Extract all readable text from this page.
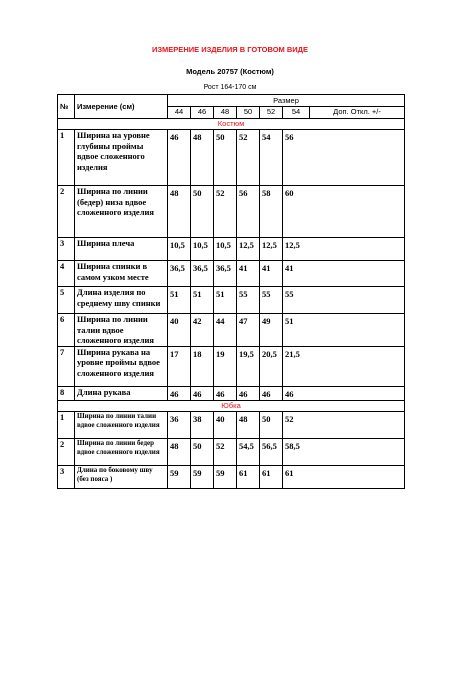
ИЗМЕРЕНИЕ ИЗДЕЛИЯ В ГОТОВОМ ВИДЕ
Модель 20757 (Костюм)
Рост 164-170 см
№	Измерение (см)	Размер							
		44	46	48	50	52	54	Доп. Откл. +/-	
Костюм									
1	Ширина на уровне глубины проймы вдвое сложенного изделия	46	48	50	52	54	56	
2	Ширина по линии (бедер) низа вдвое сложенного изделия	48	50	52	56	58	60	
3	Ширина плеча	10,5	10,5	10,5	12,5	12,5	12,5	
4	Ширина спинки в самом узком месте	36,5	36,5	36,5	41	41	41	
5	Длина изделия по среднему шву спинки	51	51	51	55	55	55	
6	Ширина по линии талии вдвое сложенного изделия	40	42	44	47	49	51	
7	Ширина рукава на уровне проймы вдвое сложенного изделия	17	18	19	19,5	20,5	21,5	
8	Длина рукава	46	46	46	46	46	46	
Юбка									
1	Ширина по линии талии вдвое сложенного изделия	36	38	40	48	50	52	
2	Ширина по линии бедер вдвое сложенного изделия	48	50	52	54,5	56,5	58,5	
3	Длина по боковому шву (без пояса )	59	59	59	61	61	61	
